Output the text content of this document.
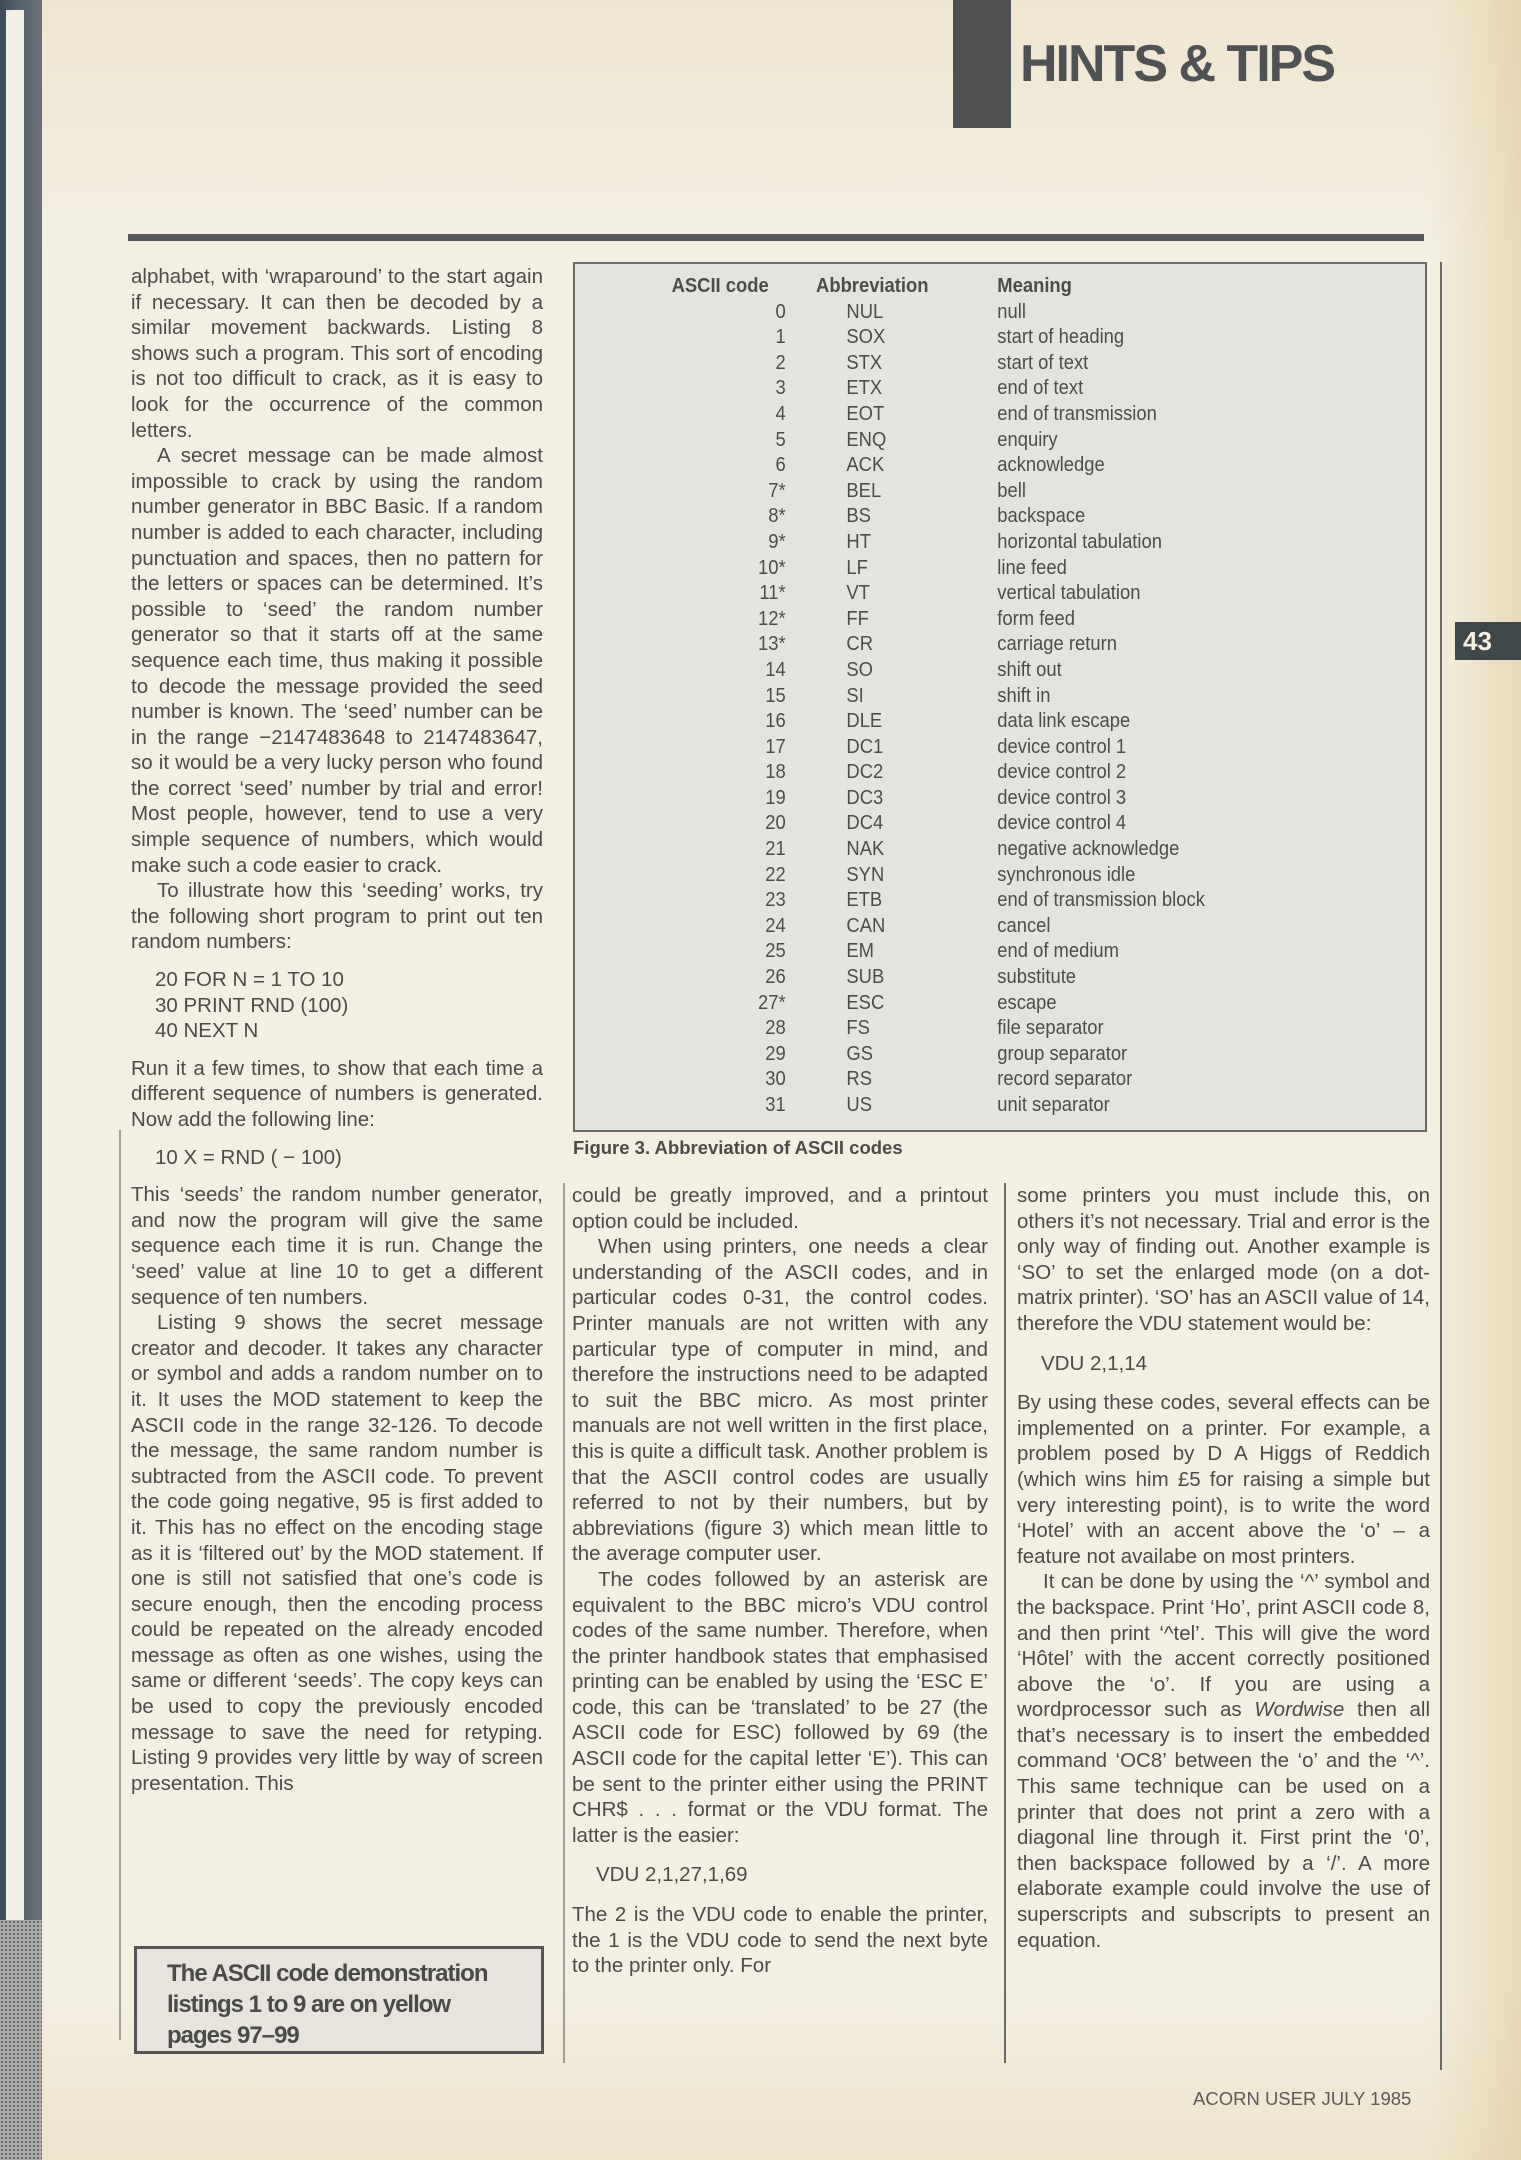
HINTS & TIPS
43

alphabet, with ‘wraparound’ to the start again if necessary. It can then be decoded by a similar movement backwards. Listing 8 shows such a program. This sort of encoding is not too difficult to crack, as it is easy to look for the occurrence of the common letters.

A secret message can be made almost impossible to crack by using the random number generator in BBC Basic. If a random number is added to each character, including punctuation and spaces, then no pattern for the letters or spaces can be determined. It’s possible to ‘seed’ the random number generator so that it starts off at the same sequence each time, thus making it possible to decode the message provided the seed number is known. The ‘seed’ number can be in the range −2147483648 to 2147483647, so it would be a very lucky person who found the correct ‘seed’ number by trial and error! Most people, however, tend to use a very simple sequence of numbers, which would make such a code easier to crack.

To illustrate how this ‘seeding’ works, try the following short program to print out ten random numbers:

20 FOR N = 1 TO 10
30 PRINT RND (100)
40 NEXT N

Run it a few times, to show that each time a different sequence of numbers is generated. Now add the following line:

10 X = RND ( − 100)

This ‘seeds’ the random number generator, and now the program will give the same sequence each time it is run. Change the ‘seed’ value at line 10 to get a different sequence of ten numbers.

Listing 9 shows the secret message creator and decoder. It takes any character or symbol and adds a random number on to it. It uses the MOD statement to keep the ASCII code in the range 32-126. To decode the message, the same random number is subtracted from the ASCII code. To prevent the code going negative, 95 is first added to it. This has no effect on the encoding stage as it is ‘filtered out’ by the MOD statement. If one is still not satisfied that one’s code is secure enough, then the encoding process could be repeated on the already encoded message as often as one wishes, using the same or different ‘seeds’. The copy keys can be used to copy the previously encoded message to save the need for retyping. Listing 9 provides very little by way of screen presentation. This

The ASCII code demonstration
listings 1 to 9 are on yellow
pages 97–99
ASCII code	Abbreviation	Meaning
0	NUL	null
1	SOX	start of heading
2	STX	start of text
3	ETX	end of text
4	EOT	end of transmission
5	ENQ	enquiry
6	ACK	acknowledge
7*	BEL	bell
8*	BS	backspace
9*	HT	horizontal tabulation
10*	LF	line feed
11*	VT	vertical tabulation
12*	FF	form feed
13*	CR	carriage return
14	SO	shift out
15	SI	shift in
16	DLE	data link escape
17	DC1	device control 1
18	DC2	device control 2
19	DC3	device control 3
20	DC4	device control 4
21	NAK	negative acknowledge
22	SYN	synchronous idle
23	ETB	end of transmission block
24	CAN	cancel
25	EM	end of medium
26	SUB	substitute
27*	ESC	escape
28	FS	file separator
29	GS	group separator
30	RS	record separator
31	US	unit separator
Figure 3. Abbreviation of ASCII codes

could be greatly improved, and a printout option could be included.

When using printers, one needs a clear understanding of the ASCII codes, and in particular codes 0-31, the control codes. Printer manuals are not written with any particular type of computer in mind, and therefore the instructions need to be adapted to suit the BBC micro. As most printer manuals are not well written in the first place, this is quite a difficult task. Another problem is that the ASCII control codes are usually referred to not by their numbers, but by abbreviations (figure 3) which mean little to the average computer user.

The codes followed by an asterisk are equivalent to the BBC micro’s VDU control codes of the same number. Therefore, when the printer handbook states that emphasised printing can be enabled by using the ‘ESC E’ code, this can be ‘translated’ to be 27 (the ASCII code for ESC) followed by 69 (the ASCII code for the capital letter ‘E’). This can be sent to the printer either using the PRINT CHR$ . . . format or the VDU format. The latter is the easier:

VDU 2,1,27,1,69

The 2 is the VDU code to enable the printer, the 1 is the VDU code to send the next byte to the printer only. For

some printers you must include this, on others it’s not necessary. Trial and error is the only way of finding out. Another example is ‘SO’ to set the enlarged mode (on a dot-matrix printer). ‘SO’ has an ASCII value of 14, therefore the VDU statement would be:

VDU 2,1,14

By using these codes, several effects can be implemented on a printer. For example, a problem posed by D A Higgs of Reddich (which wins him £5 for raising a simple but very interesting point), is to write the word ‘Hotel’ with an accent above the ‘o’ – a feature not availabe on most printers.

It can be done by using the ‘^’ symbol and the backspace. Print ‘Ho’, print ASCII code 8, and then print ‘^tel’. This will give the word ‘Hôtel’ with the accent correctly positioned above the ‘o’. If you are using a wordprocessor such as Wordwise then all that’s necessary is to insert the embedded command ‘OC8’ between the ‘o’ and the ‘^’. This same technique can be used on a printer that does not print a zero with a diagonal line through it. First print the ‘0’, then backspace followed by a ‘/’. A more elaborate example could involve the use of superscripts and subscripts to present an equation.

ACORN USER JULY 1985
